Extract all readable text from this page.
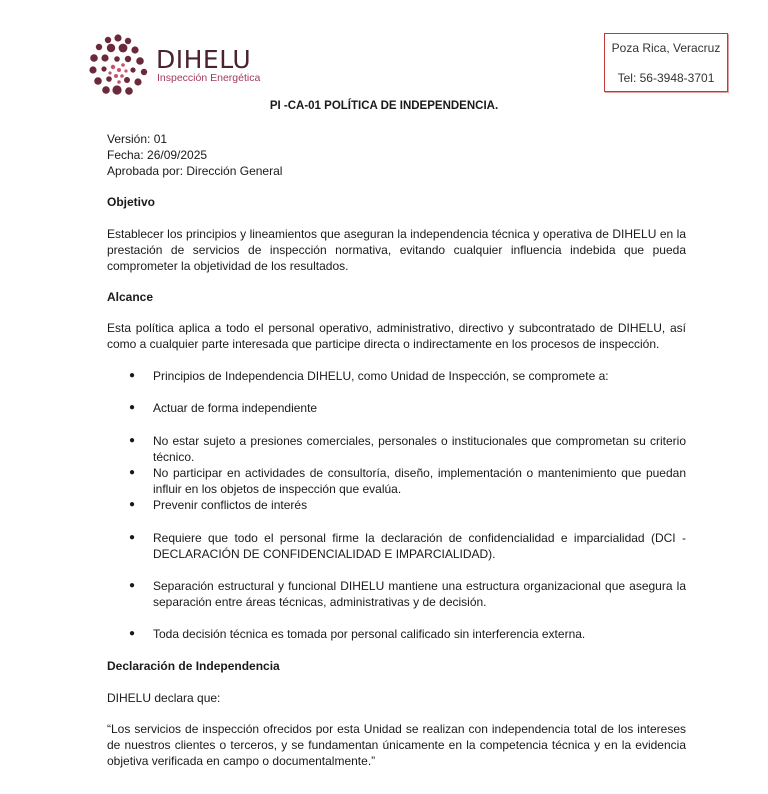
DIHELU
Inspección Energética
Poza Rica, Veracruz
Tel: 56-3948-3701
PI -CA-01 POLÍTICA DE INDEPENDENCIA.

Versión: 01

Fecha: 26/09/2025

Aprobada por: Dirección General

Objetivo

Establecer los principios y lineamientos que aseguran la independencia técnica y operativa de DIHELU en la prestación de servicios de inspección normativa, evitando cualquier influencia indebida que pueda comprometer la objetividad de los resultados.

Alcance

Esta política aplica a todo el personal operativo, administrativo, directivo y subcontratado de DIHELU, así como a cualquier parte interesada que participe directa o indirectamente en los procesos de inspección.

● Principios de Independencia DIHELU, como Unidad de Inspección, se compromete a:
● Actuar de forma independiente
● No estar sujeto a presiones comerciales, personales o institucionales que comprometan su criterio técnico.
● No participar en actividades de consultoría, diseño, implementación o mantenimiento que puedan influir en los objetos de inspección que evalúa.
● Prevenir conflictos de interés
● Requiere que todo el personal firme la declaración de confidencialidad e imparcialidad (DCI - DECLARACIÓN DE CONFIDENCIALIDAD E IMPARCIALIDAD).
● Separación estructural y funcional DIHELU mantiene una estructura organizacional que asegura la separación entre áreas técnicas, administrativas y de decisión.
● Toda decisión técnica es tomada por personal calificado sin interferencia externa.

Declaración de Independencia

DIHELU declara que:

“Los servicios de inspección ofrecidos por esta Unidad se realizan con independencia total de los intereses de nuestros clientes o terceros, y se fundamentan únicamente en la competencia técnica y en la evidencia objetiva verificada en campo o documentalmente.”
